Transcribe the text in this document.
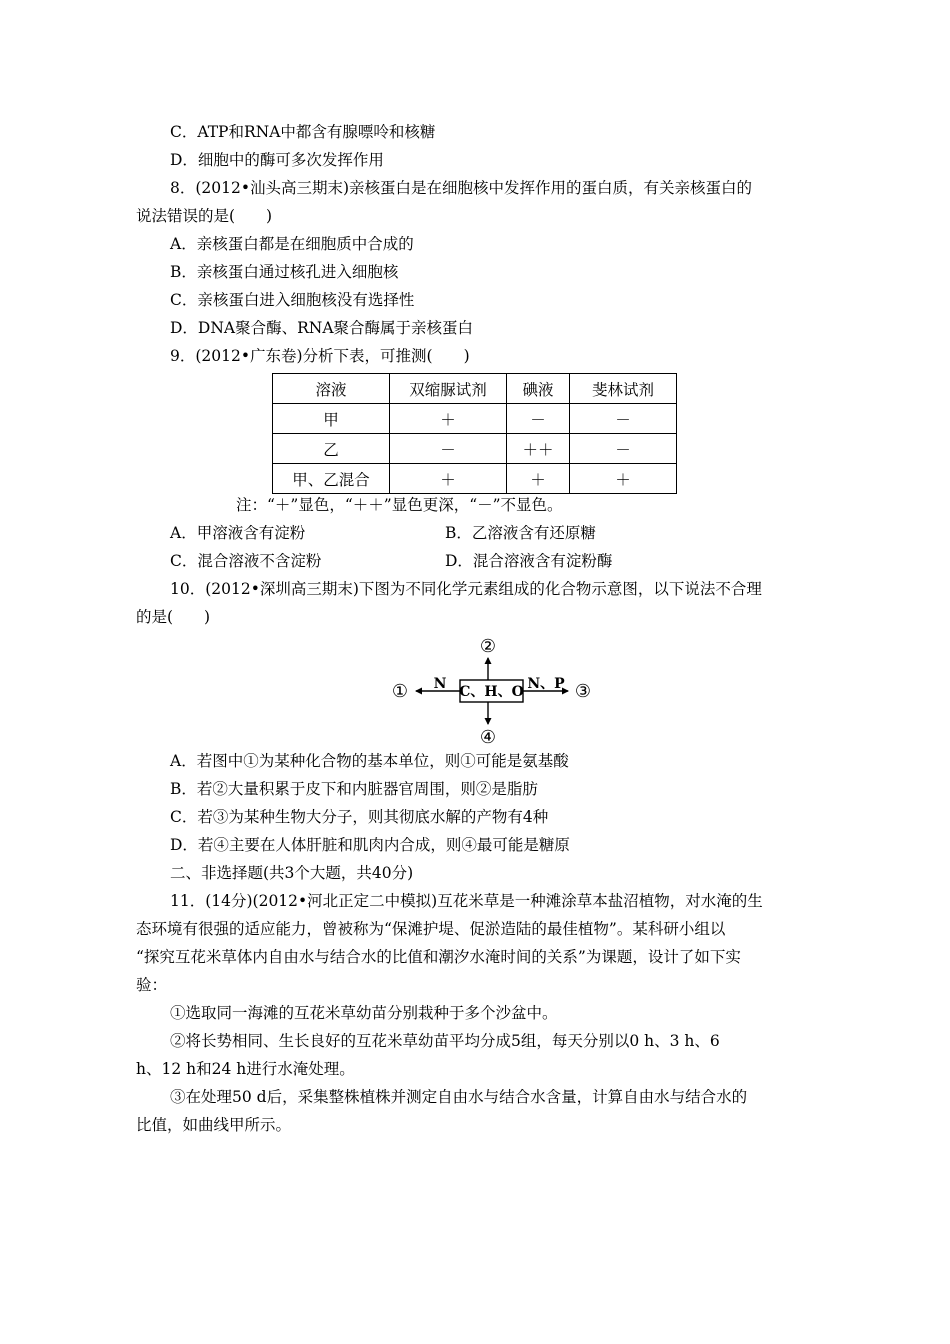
C．ATP和RNA中都含有腺嘌呤和核糖
D．细胞中的酶可多次发挥作用
8．(2012•汕头高三期末)亲核蛋白是在细胞核中发挥作用的蛋白质，有关亲核蛋白的
说法错误的是(　　)
A．亲核蛋白都是在细胞质中合成的
B．亲核蛋白通过核孔进入细胞核
C．亲核蛋白进入细胞核没有选择性
D．DNA聚合酶、RNA聚合酶属于亲核蛋白
9．(2012•广东卷)分析下表，可推测(　　)
溶液	双缩脲试剂	碘液	斐林试剂
甲	＋	－	－
乙	－	＋＋	－
甲、乙混合	＋	＋	＋
注：“＋”显色，“＋＋”显色更深，“－”不显色。
A．甲溶液含有淀粉	B．乙溶液含有还原糖
C．混合溶液不含淀粉	D．混合溶液含有淀粉酶
10．(2012•深圳高三期末)下图为不同化学元素组成的化合物示意图，以下说法不合理
的是(　　)
C、H、O
N
①	N、P ③
②
④
A．若图中①为某种化合物的基本单位，则①可能是氨基酸
B．若②大量积累于皮下和内脏器官周围，则②是脂肪
C．若③为某种生物大分子，则其彻底水解的产物有4种
D．若④主要在人体肝脏和肌肉内合成，则④最可能是糖原
二、非选择题(共3个大题，共40分)
11．(14分)(2012•河北正定二中模拟)互花米草是一种滩涂草本盐沼植物，对水淹的生
态环境有很强的适应能力，曾被称为“保滩护堤、促淤造陆的最佳植物”。某科研小组以
“探究互花米草体内自由水与结合水的比值和潮汐水淹时间的关系”为课题，设计了如下实
验：
①选取同一海滩的互花米草幼苗分别栽种于多个沙盆中。
②将长势相同、生长良好的互花米草幼苗平均分成5组，每天分别以0 h、3 h、6
h、12 h和24 h进行水淹处理。
③在处理50 d后，采集整株植株并测定自由水与结合水含量，计算自由水与结合水的
比值，如曲线甲所示。
